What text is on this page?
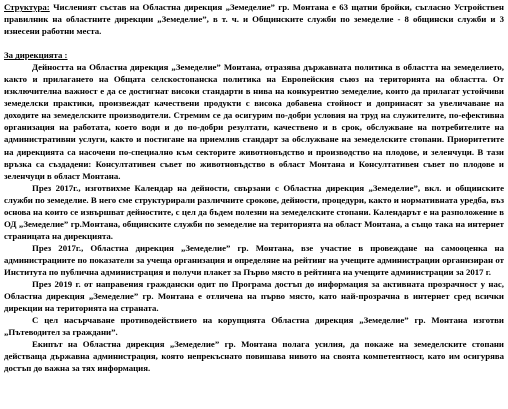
Структура: Числeният състав на Областна дирекция „Земеделие” гр. Монтана е 63 щатни бройки, съгласно Устройствен правилник на областните дирекции „Земеделие”, в т. ч. и Общинските служби по земеделие - 8 общински служби и 3 изнесени работни места.

За дирекцията :

Дейността на Областна дирекция „Земеделие” Монтана, отразява държавната политика в областта на земеделието, както и прилагането на Общата селскостопанска политика на Европейския съюз на територията на областта. От изключителна важност е да се достигнат високи стандарти в нива на конкурентно земеделие, които да прилагат устойчиви земеделски практики, произвеждат качествени продукти с висока добавена стойност и допринасят за увеличаване на доходите на земеделските производители. Стремим се да осигурим по-добри условия на труд на служителите, по-ефективна организация на работата, което води и до по-добри резултати, качествено и в срок, обслужване на потребителите на административни услуги, както и постигане на приемлив стандарт за обслужване на земеделските стопани. Приоритетите на дирекцията са насочени по-специално към секторите животновъдство и производство на плодове, и зеленчуци. В тази връзка са създадени: Консултативен съвет по животновъдство в област Монтана и Консултативен съвет по плодове и зеленчуци в област Монтана.

През 2017г., изготвихме Календар на дейности, свързани с Областна дирекция „Земеделие”, вкл. и общинските служби по земеделие. В него сме структурирали различните срокове, дейности, процедури, както и нормативната уредба, въз основа на които се извършват дейностите, с цел да бъдем полезни на земеделските стопани. Календарът е на разположение в ОД „Земеделие” гр.Монтана, общинските служби по земеделие на територията на област Монтана, а също така на интернет страницата на дирекцията.

През 2017г., Областна дирекция „Земеделие” гр. Монтана, взе участие в провеждане на самооценка на администрациите по показатели за учеща организация и определяне на рейтинг на учещите администрации организиран от Института по публична администрация и получи плакет за Първо място в рейтинга на учещите администрации за 2017 г.

През 2019 г. от направения граждански одит по Програма достъп до информация за активната прозрачност у нас, Областна дирекция „Земеделие” гр. Монтана е отличена на първо място, като най-прозрачна в интернет сред всички дирекции на територията на страната.

С цел насърчаване противодействието на корупцията Областна дирекция „Земеделие” гр. Монтана изготви „Пътеводител за граждани”.

Екипът на Областна дирекция „Земеделие” гр. Монтана полага усилия, да покаже на земеделските стопани действаща държавна администрация, която непрекъснато повишава нивото на своята компетентност, като им осигурява достъп до важна за тях информация.
